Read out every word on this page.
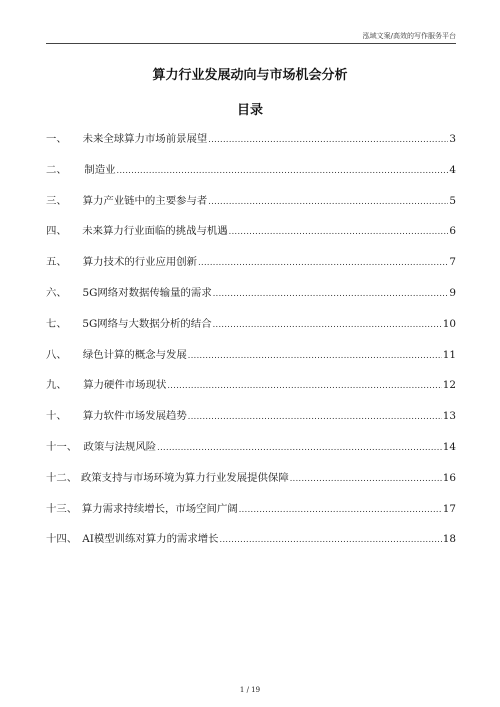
泓域文案/高效的写作服务平台
算力行业发展动向与市场机会分析
目录
一、	未来全球算力市场前景展望 .....	3
二、	制造业 .....	4
三、	算力产业链中的主要参与者 .....	5
四、	未来算力行业面临的挑战与机遇 .....	6
五、	算力技术的行业应用创新 .....	7
六、	5G网络对数据传输量的需求 .....	9
七、	5G网络与大数据分析的结合 .....	10
八、	绿色计算的概念与发展 .....	11
九、	算力硬件市场现状 .....	12
十、	算力软件市场发展趋势 .....	13
十一、 政策与法规风险 .....	14
十二、 政策支持与市场环境为算力行业发展提供保障 .....	16
十三、 算力需求持续增长，市场空间广阔 .....	17
十四、 AI模型训练对算力的需求增长 .....	18
1 / 19
